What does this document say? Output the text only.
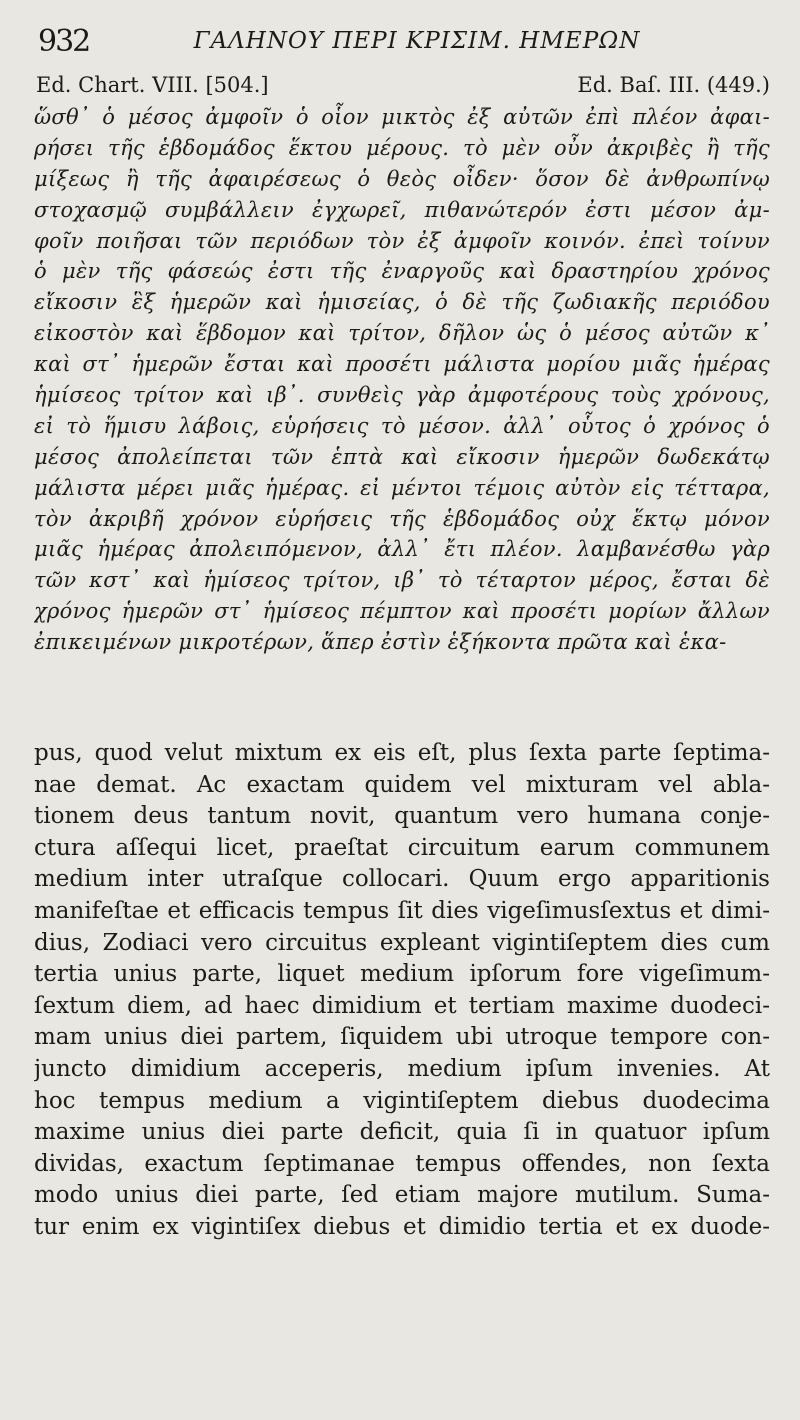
932	ΓΑΛΗΝΟΥ ΠΕΡΙ ΚΡΙΣΙΜ. ΗΜΕΡΩΝ
Ed. Chart. VIII. [504.]	Ed. Baſ. III. (449.)
ὥσθ᾽ ὁ μέσος ἀμφοῖν ὁ οἷον μικτὸς ἐξ αὐτῶν ἐπὶ πλέον ἀφαι-
ρήσει τῆς ἑβδομάδος ἕκτου μέρους. τὸ μὲν οὖν ἀκριβὲς ἢ τῆς
μίξεως ἢ τῆς ἀφαιρέσεως ὁ θεὸς οἶδεν· ὅσον δὲ ἀνθρωπίνῳ
στοχασμῷ συμβάλλειν ἐγχωρεῖ, πιθανώτερόν ἐστι μέσον ἀμ-
φοῖν ποιῆσαι τῶν περιόδων τὸν ἐξ ἀμφοῖν κοινόν. ἐπεὶ τοίνυν
ὁ μὲν τῆς φάσεώς ἐστι τῆς ἐναργοῦς καὶ δραστηρίου χρόνος
εἴκοσιν ἓξ ἡμερῶν καὶ ἡμισείας, ὁ δὲ τῆς ζωδιακῆς περιόδου
εἰκοστὸν καὶ ἕβδομον καὶ τρίτον, δῆλον ὡς ὁ μέσος αὐτῶν κ᾽
καὶ στ᾽ ἡμερῶν ἔσται καὶ προσέτι μάλιστα μορίου μιᾶς ἡμέρας
ἡμίσεος τρίτον καὶ ιβ᾽. συνθεὶς γὰρ ἀμφοτέρους τοὺς χρόνους,
εἰ τὸ ἥμισυ λάβοις, εὑρήσεις τὸ μέσον. ἀλλ᾽ οὗτος ὁ χρόνος ὁ
μέσος ἀπολείπεται τῶν ἑπτὰ καὶ εἴκοσιν ἡμερῶν δωδεκάτῳ
μάλιστα μέρει μιᾶς ἡμέρας. εἰ μέντοι τέμοις αὐτὸν εἰς τέτταρα,
τὸν ἀκριβῆ χρόνον εὑρήσεις τῆς ἑβδομάδος οὐχ ἕκτῳ μόνον
μιᾶς ἡμέρας ἀπολειπόμενον, ἀλλ᾽ ἔτι πλέον. λαμβανέσθω γὰρ
τῶν κστ᾽ καὶ ἡμίσεος τρίτον, ιβ᾽ τὸ τέταρτον μέρος, ἔσται δὲ
χρόνος ἡμερῶν στ᾽ ἡμίσεος πέμπτον καὶ προσέτι μορίων ἄλλων
ἐπικειμένων μικροτέρων, ἅπερ ἐστὶν ἑξήκοντα πρῶτα καὶ ἑκα-
pus, quod velut mixtum ex eis eſt, plus ſexta parte ſeptima-
nae demat. Ac exactam quidem vel mixturam vel abla-
tionem deus tantum novit, quantum vero humana conje-
ctura aſſequi licet, praeſtat circuitum earum communem
medium inter utraſque collocari. Quum ergo apparitionis
manifeſtae et efficacis tempus ſit dies vigeſimusſextus et dimi-
dius, Zodiaci vero circuitus expleant vigintiſeptem dies cum
tertia unius parte, liquet medium ipſorum fore vigeſimum-
ſextum diem, ad haec dimidium et tertiam maxime duodeci-
mam unius diei partem, ſiquidem ubi utroque tempore con-
juncto dimidium acceperis, medium ipſum invenies. At
hoc tempus medium a vigintiſeptem diebus duodecima
maxime unius diei parte deficit, quia ſi in quatuor ipſum
dividas, exactum ſeptimanae tempus offendes, non ſexta
modo unius diei parte, ſed etiam majore mutilum. Suma-
tur enim ex vigintiſex diebus et dimidio tertia et ex duode-
